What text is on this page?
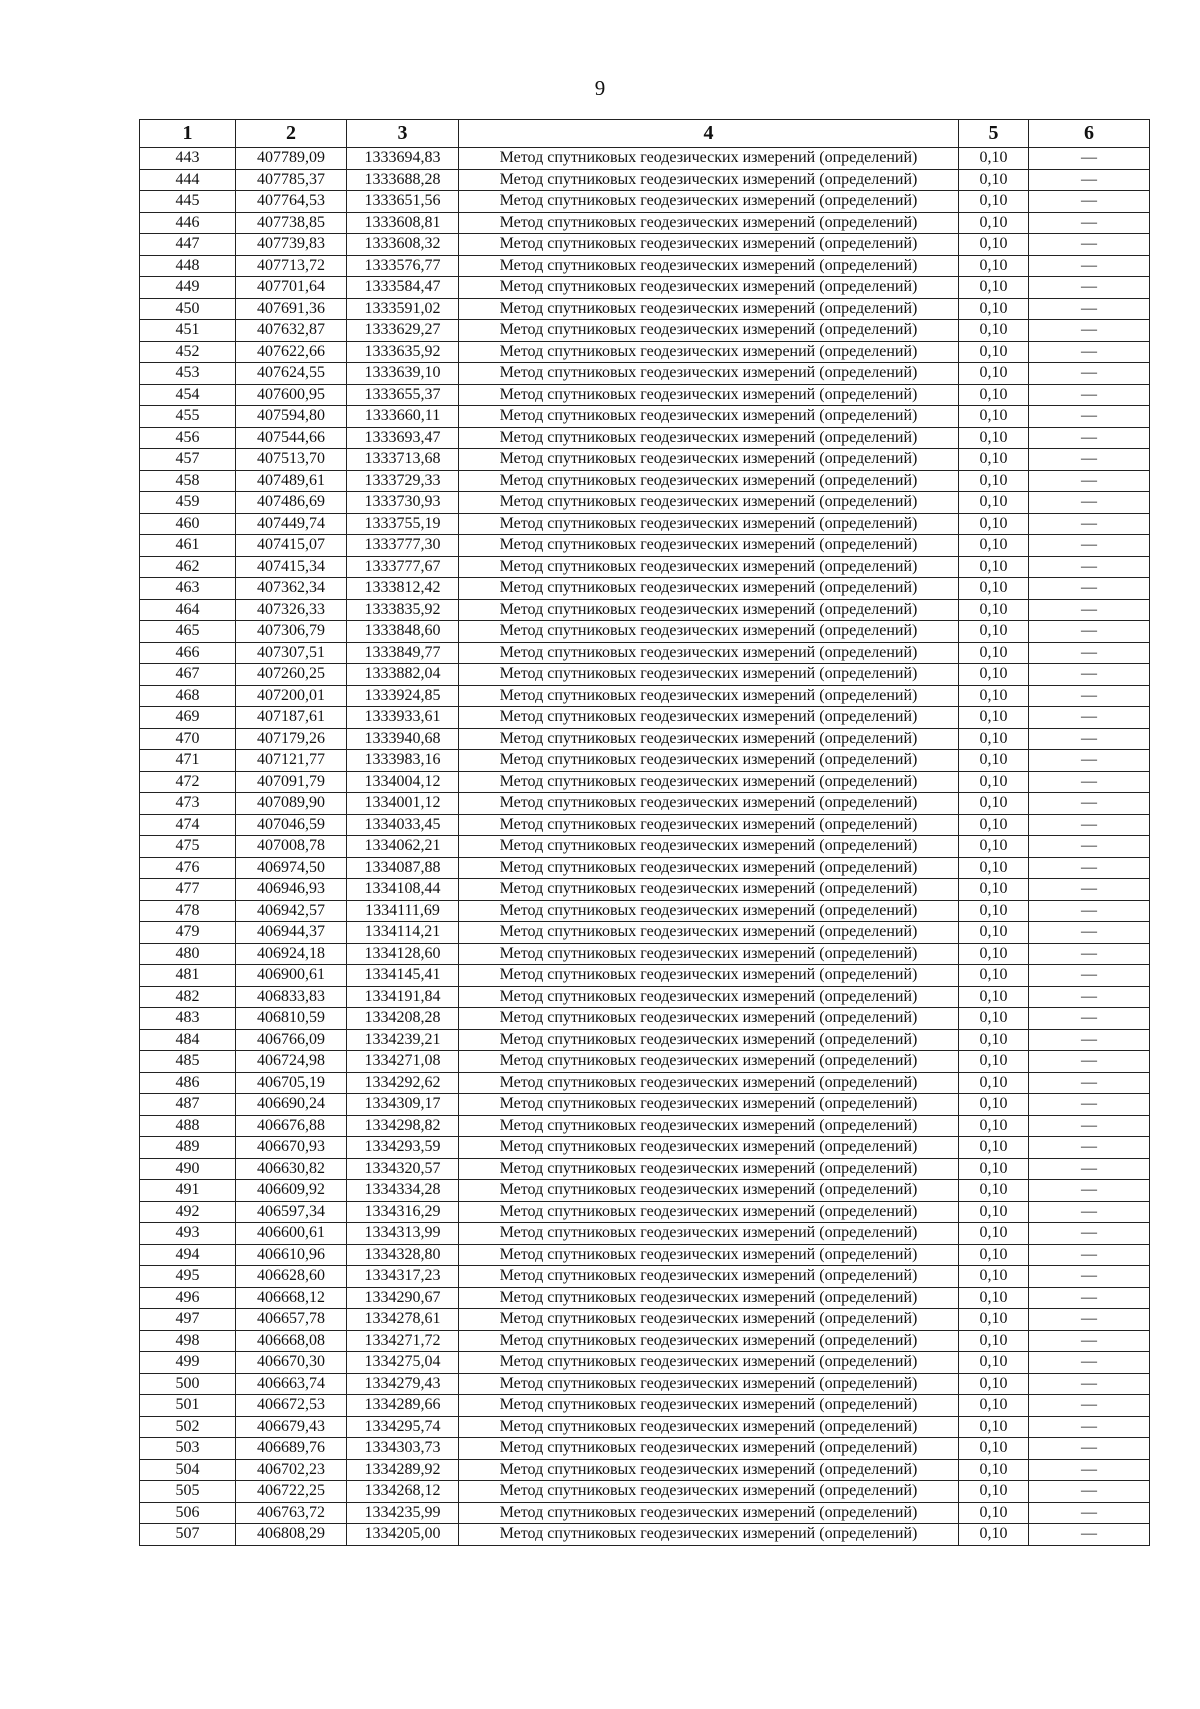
9
1	2	3	4	5	6
443	407789,09	1333694,83	Метод спутниковых геодезических измерений (определений)	0,10	—
444	407785,37	1333688,28	Метод спутниковых геодезических измерений (определений)	0,10	—
445	407764,53	1333651,56	Метод спутниковых геодезических измерений (определений)	0,10	—
446	407738,85	1333608,81	Метод спутниковых геодезических измерений (определений)	0,10	—
447	407739,83	1333608,32	Метод спутниковых геодезических измерений (определений)	0,10	—
448	407713,72	1333576,77	Метод спутниковых геодезических измерений (определений)	0,10	—
449	407701,64	1333584,47	Метод спутниковых геодезических измерений (определений)	0,10	—
450	407691,36	1333591,02	Метод спутниковых геодезических измерений (определений)	0,10	—
451	407632,87	1333629,27	Метод спутниковых геодезических измерений (определений)	0,10	—
452	407622,66	1333635,92	Метод спутниковых геодезических измерений (определений)	0,10	—
453	407624,55	1333639,10	Метод спутниковых геодезических измерений (определений)	0,10	—
454	407600,95	1333655,37	Метод спутниковых геодезических измерений (определений)	0,10	—
455	407594,80	1333660,11	Метод спутниковых геодезических измерений (определений)	0,10	—
456	407544,66	1333693,47	Метод спутниковых геодезических измерений (определений)	0,10	—
457	407513,70	1333713,68	Метод спутниковых геодезических измерений (определений)	0,10	—
458	407489,61	1333729,33	Метод спутниковых геодезических измерений (определений)	0,10	—
459	407486,69	1333730,93	Метод спутниковых геодезических измерений (определений)	0,10	—
460	407449,74	1333755,19	Метод спутниковых геодезических измерений (определений)	0,10	—
461	407415,07	1333777,30	Метод спутниковых геодезических измерений (определений)	0,10	—
462	407415,34	1333777,67	Метод спутниковых геодезических измерений (определений)	0,10	—
463	407362,34	1333812,42	Метод спутниковых геодезических измерений (определений)	0,10	—
464	407326,33	1333835,92	Метод спутниковых геодезических измерений (определений)	0,10	—
465	407306,79	1333848,60	Метод спутниковых геодезических измерений (определений)	0,10	—
466	407307,51	1333849,77	Метод спутниковых геодезических измерений (определений)	0,10	—
467	407260,25	1333882,04	Метод спутниковых геодезических измерений (определений)	0,10	—
468	407200,01	1333924,85	Метод спутниковых геодезических измерений (определений)	0,10	—
469	407187,61	1333933,61	Метод спутниковых геодезических измерений (определений)	0,10	—
470	407179,26	1333940,68	Метод спутниковых геодезических измерений (определений)	0,10	—
471	407121,77	1333983,16	Метод спутниковых геодезических измерений (определений)	0,10	—
472	407091,79	1334004,12	Метод спутниковых геодезических измерений (определений)	0,10	—
473	407089,90	1334001,12	Метод спутниковых геодезических измерений (определений)	0,10	—
474	407046,59	1334033,45	Метод спутниковых геодезических измерений (определений)	0,10	—
475	407008,78	1334062,21	Метод спутниковых геодезических измерений (определений)	0,10	—
476	406974,50	1334087,88	Метод спутниковых геодезических измерений (определений)	0,10	—
477	406946,93	1334108,44	Метод спутниковых геодезических измерений (определений)	0,10	—
478	406942,57	1334111,69	Метод спутниковых геодезических измерений (определений)	0,10	—
479	406944,37	1334114,21	Метод спутниковых геодезических измерений (определений)	0,10	—
480	406924,18	1334128,60	Метод спутниковых геодезических измерений (определений)	0,10	—
481	406900,61	1334145,41	Метод спутниковых геодезических измерений (определений)	0,10	—
482	406833,83	1334191,84	Метод спутниковых геодезических измерений (определений)	0,10	—
483	406810,59	1334208,28	Метод спутниковых геодезических измерений (определений)	0,10	—
484	406766,09	1334239,21	Метод спутниковых геодезических измерений (определений)	0,10	—
485	406724,98	1334271,08	Метод спутниковых геодезических измерений (определений)	0,10	—
486	406705,19	1334292,62	Метод спутниковых геодезических измерений (определений)	0,10	—
487	406690,24	1334309,17	Метод спутниковых геодезических измерений (определений)	0,10	—
488	406676,88	1334298,82	Метод спутниковых геодезических измерений (определений)	0,10	—
489	406670,93	1334293,59	Метод спутниковых геодезических измерений (определений)	0,10	—
490	406630,82	1334320,57	Метод спутниковых геодезических измерений (определений)	0,10	—
491	406609,92	1334334,28	Метод спутниковых геодезических измерений (определений)	0,10	—
492	406597,34	1334316,29	Метод спутниковых геодезических измерений (определений)	0,10	—
493	406600,61	1334313,99	Метод спутниковых геодезических измерений (определений)	0,10	—
494	406610,96	1334328,80	Метод спутниковых геодезических измерений (определений)	0,10	—
495	406628,60	1334317,23	Метод спутниковых геодезических измерений (определений)	0,10	—
496	406668,12	1334290,67	Метод спутниковых геодезических измерений (определений)	0,10	—
497	406657,78	1334278,61	Метод спутниковых геодезических измерений (определений)	0,10	—
498	406668,08	1334271,72	Метод спутниковых геодезических измерений (определений)	0,10	—
499	406670,30	1334275,04	Метод спутниковых геодезических измерений (определений)	0,10	—
500	406663,74	1334279,43	Метод спутниковых геодезических измерений (определений)	0,10	—
501	406672,53	1334289,66	Метод спутниковых геодезических измерений (определений)	0,10	—
502	406679,43	1334295,74	Метод спутниковых геодезических измерений (определений)	0,10	—
503	406689,76	1334303,73	Метод спутниковых геодезических измерений (определений)	0,10	—
504	406702,23	1334289,92	Метод спутниковых геодезических измерений (определений)	0,10	—
505	406722,25	1334268,12	Метод спутниковых геодезических измерений (определений)	0,10	—
506	406763,72	1334235,99	Метод спутниковых геодезических измерений (определений)	0,10	—
507	406808,29	1334205,00	Метод спутниковых геодезических измерений (определений)	0,10	—
